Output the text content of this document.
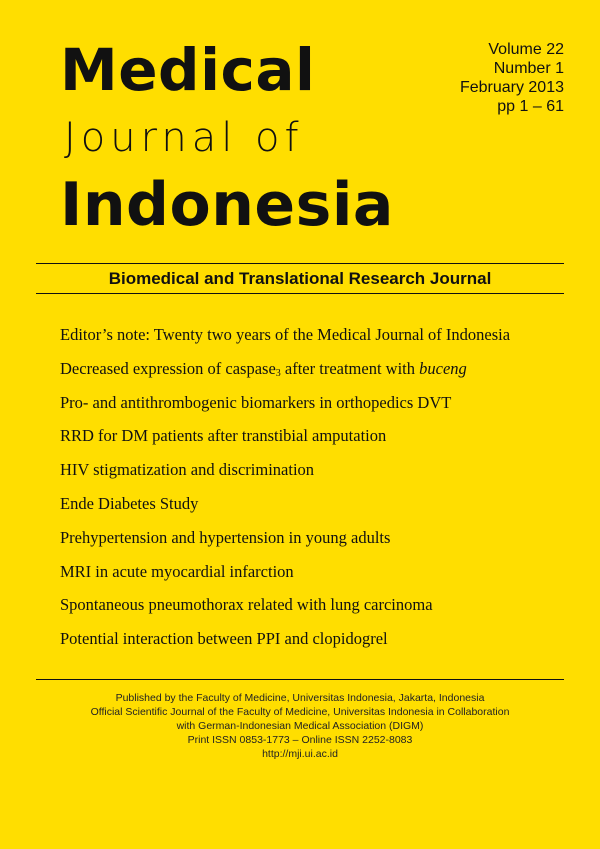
Medical
Journal of
Indonesia
Volume 22
Number 1
February 2013
pp 1 – 61
Biomedical and Translational Research Journal
Editor’s note: Twenty two years of the Medical Journal of Indonesia
Decreased expression of caspase$_3$ after treatment with buceng
Pro- and antithrombogenic biomarkers in orthopedics DVT
RRD for DM patients after transtibial amputation
HIV stigmatization and discrimination
Ende Diabetes Study
Prehypertension and hypertension in young adults
MRI in acute myocardial infarction
Spontaneous pneumothorax related with lung carcinoma
Potential interaction between PPI and clopidogrel
Published by the Faculty of Medicine, Universitas Indonesia, Jakarta, Indonesia
Official Scientific Journal of the Faculty of Medicine, Universitas Indonesia in Collaboration
with German-Indonesian Medical Association (DIGM)
Print ISSN 0853-1773 – Online ISSN 2252-8083
http://mji.ui.ac.id
